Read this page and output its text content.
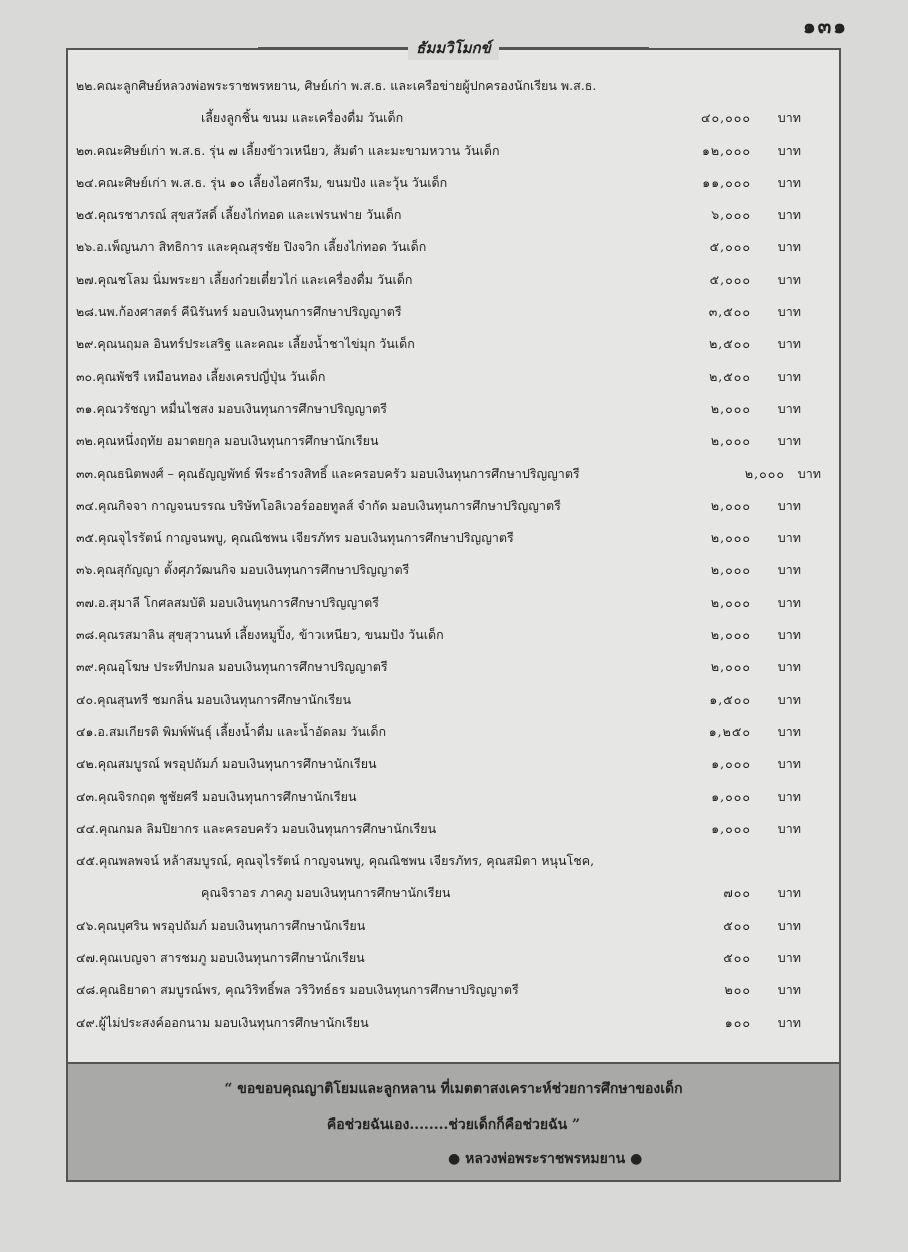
๑๓๑
ธัมมวิโมกข์
๒๒.คณะลูกศิษย์หลวงพ่อพระราชพรหยาน, ศิษย์เก่า พ.ส.ธ. และเครือข่ายผู้ปกครองนักเรียน พ.ส.ธ.
เลี้ยงลูกชิ้น ขนม และเครื่องดื่ม วันเด็ก	๔๐,๐๐๐ บาท
๒๓.คณะศิษย์เก่า พ.ส.ธ. รุ่น ๗ เลี้ยงข้าวเหนียว, ส้มตำ และมะขามหวาน วันเด็ก	๑๒,๐๐๐ บาท
๒๔.คณะศิษย์เก่า พ.ส.ธ. รุ่น ๑๐ เลี้ยงไอศกรีม, ขนมปัง และวุ้น วันเด็ก	๑๑,๐๐๐ บาท
๒๕.คุณรชาภรณ์ สุขสวัสดิ์ เลี้ยงไก่ทอด และเฟรนฟาย วันเด็ก	๖,๐๐๐ บาท
๒๖.อ.เพ็ญนภา สิทธิการ และคุณสุรชัย ปิงจวิก เลี้ยงไก่ทอด วันเด็ก	๕,๐๐๐ บาท
๒๗.คุณชโลม นิ่มพระยา เลี้ยงก๋วยเตี๋ยวไก่ และเครื่องดื่ม วันเด็ก	๕,๐๐๐ บาท
๒๘.นพ.ก้องศาสตร์ คีนิรันทร์ มอบเงินทุนการศึกษาปริญญาตรี	๓,๕๐๐ บาท
๒๙.คุณนฤมล อินทร์ประเสริฐ และคณะ เลี้ยงน้ำชาไข่มุก วันเด็ก	๒,๕๐๐ บาท
๓๐.คุณพัชรี เหมือนทอง เลี้ยงเครปญี่ปุ่น วันเด็ก	๒,๕๐๐ บาท
๓๑.คุณวรัชญา หมื่นไชสง มอบเงินทุนการศึกษาปริญญาตรี	๒,๐๐๐ บาท
๓๒.คุณหนึ่งฤทัย อมาตยกุล มอบเงินทุนการศึกษานักเรียน	๒,๐๐๐ บาท
๓๓.คุณธนิตพงศ์ – คุณธัญญพัทธ์ พีระธำรงสิทธิ์ และครอบครัว มอบเงินทุนการศึกษาปริญญาตรี	๒,๐๐๐ บาท
๓๔.คุณกิจจา กาญจนบรรณ บริษัทโอลิเวอร์ออยทูลส์ จำกัด มอบเงินทุนการศึกษาปริญญาตรี	๒,๐๐๐ บาท
๓๕.คุณจุไรรัตน์ กาญจนพบู, คุณณิชพน เจียรภัทร มอบเงินทุนการศึกษาปริญญาตรี	๒,๐๐๐ บาท
๓๖.คุณสุกัญญา ตั้งศุภวัฒนกิจ มอบเงินทุนการศึกษาปริญญาตรี	๒,๐๐๐ บาท
๓๗.อ.สุมาลี โกศลสมบัติ มอบเงินทุนการศึกษาปริญญาตรี	๒,๐๐๐ บาท
๓๘.คุณรสมาลิน สุขสุวานนท์ เลี้ยงหมูปิ้ง, ข้าวเหนียว, ขนมปัง วันเด็ก	๒,๐๐๐ บาท
๓๙.คุณอุโฆษ ประทีปกมล มอบเงินทุนการศึกษาปริญญาตรี	๒,๐๐๐ บาท
๔๐.คุณสุนทรี ชมกลิ่น มอบเงินทุนการศึกษานักเรียน	๑,๕๐๐ บาท
๔๑.อ.สมเกียรติ พิมพ์พันธุ์ เลี้ยงน้ำดื่ม และน้ำอัดลม วันเด็ก	๑,๒๕๐ บาท
๔๒.คุณสมบูรณ์ พรอุปถัมภ์ มอบเงินทุนการศึกษานักเรียน	๑,๐๐๐ บาท
๔๓.คุณจิรกฤต ชูชัยศรี มอบเงินทุนการศึกษานักเรียน	๑,๐๐๐ บาท
๔๔.คุณกมล ลิมปิยากร และครอบครัว มอบเงินทุนการศึกษานักเรียน	๑,๐๐๐ บาท
๔๕.คุณพลพจน์ หล้าสมบูรณ์, คุณจุไรรัตน์ กาญจนพบู, คุณณิชพน เจียรภัทร, คุณสมิตา หนุนโชค,
คุณจิราอร ภาคภู มอบเงินทุนการศึกษานักเรียน	๗๐๐ บาท
๔๖.คุณบุศริน พรอุปถัมภ์ มอบเงินทุนการศึกษานักเรียน	๕๐๐ บาท
๔๗.คุณเบญจา สารชมภู มอบเงินทุนการศึกษานักเรียน	๕๐๐ บาท
๔๘.คุณธิยาดา สมบูรณ์พร, คุณวิริทธิ์พล วริวิทธ์ธร มอบเงินทุนการศึกษาปริญญาตรี	๒๐๐ บาท
๔๙.ผู้ไม่ประสงค์ออกนาม มอบเงินทุนการศึกษานักเรียน	๑๐๐ บาท
“ ขอขอบคุณญาติโยมและลูกหลาน ที่เมตตาสงเคราะห์ช่วยการศึกษาของเด็ก
คือช่วยฉันเอง........ช่วยเด็กก็คือช่วยฉัน ”
● หลวงพ่อพระราชพรหมยาน ●
